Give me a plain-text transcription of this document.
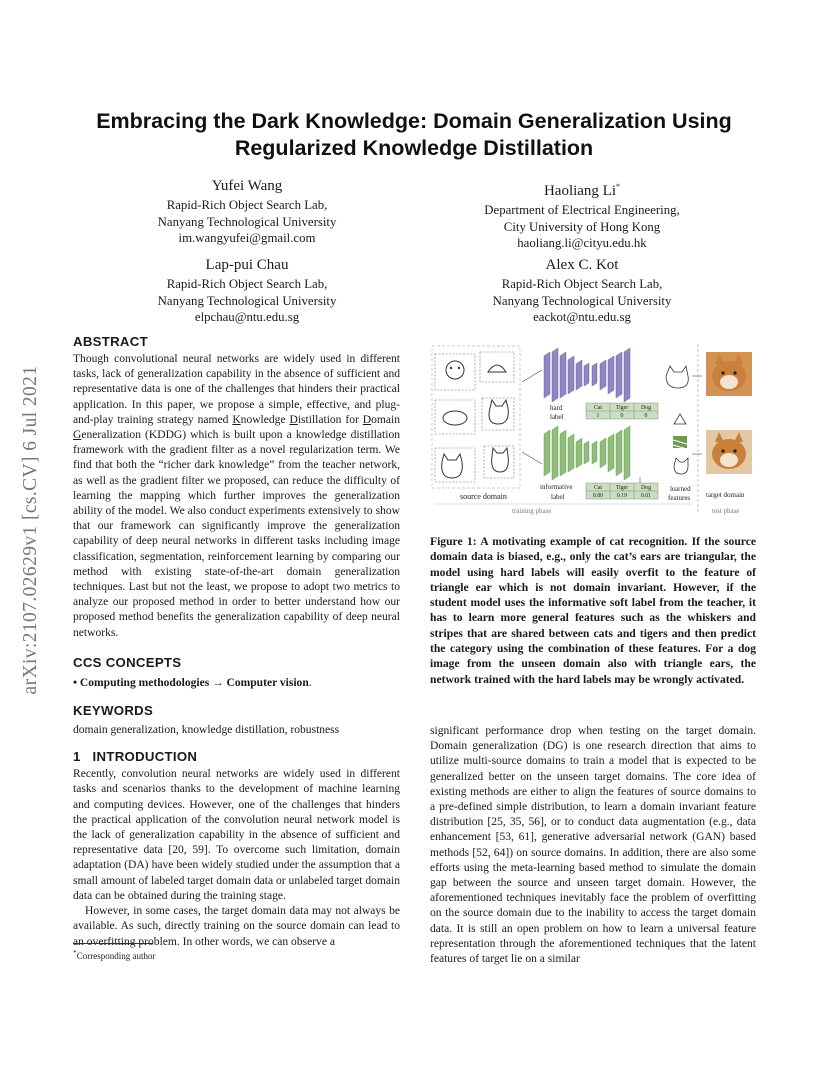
arXiv:2107.02629v1 [cs.CV] 6 Jul 2021
Embracing the Dark Knowledge: Domain Generalization Using
Regularized Knowledge Distillation
Yufei Wang
Rapid-Rich Object Search Lab,
Nanyang Technological University
im.wangyufei@gmail.com
Haoliang Li*
Department of Electrical Engineering,
City University of Hong Kong
haoliang.li@cityu.edu.hk
Lap-pui Chau
Rapid-Rich Object Search Lab,
Nanyang Technological University
elpchau@ntu.edu.sg
Alex C. Kot
Rapid-Rich Object Search Lab,
Nanyang Technological University
eackot@ntu.edu.sg
ABSTRACT
Though convolutional neural networks are widely used in different tasks, lack of generalization capability in the absence of sufficient and representative data is one of the challenges that hinders their practical application. In this paper, we propose a simple, effective, and plug-and-play training strategy named Knowledge Distillation for Domain Generalization (KDDG) which is built upon a knowledge distillation framework with the gradient filter as a novel regularization term. We find that both the “richer dark knowledge” from the teacher network, as well as the gradient filter we proposed, can reduce the difficulty of learning the mapping which further improves the generalization ability of the model. We also conduct experiments extensively to show that our framework can significantly improve the generalization capability of deep neural networks in different tasks including image classification, segmentation, reinforcement learning by comparing our method with existing state-of-the-art domain generalization techniques. Last but not the least, we propose to adopt two metrics to analyze our proposed method in order to better understand how our proposed method benefits the generalization capability of deep neural networks.
CCS CONCEPTS
• Computing methodologies → Computer vision.
KEYWORDS
domain generalization, knowledge distillation, robustness
1 INTRODUCTION
Recently, convolution neural networks are widely used in different tasks and scenarios thanks to the development of machine learning and computing devices. However, one of the challenges that hinders the practical application of the convolution neural network model is the lack of generalization capability in the absence of sufficient and representative data [20, 59]. To overcome such limitation, domain adaptation (DA) have been widely studied under the assumption that a small amount of labeled target domain data or unlabeled target domain data can be obtained during the training stage.
However, in some cases, the target domain data may not always be available. As such, directly training on the source domain can lead to an overfitting problem. In other words, we can observe a
*Corresponding author
source domain
hard
label
Cat Tiger Dog
1	0	0
informative
label
Cat Tiger Dog
0.80 0.19 0.01
learned
features target domain
training phase	test phase
Figure 1: A motivating example of cat recognition. If the source domain data is biased, e.g., only the cat’s ears are triangular, the model using hard labels will easily overfit to the feature of triangle ear which is not domain invariant. However, if the student model uses the informative soft label from the teacher, it has to learn more general features such as the whiskers and stripes that are shared between cats and tigers and then predict the category using the combination of these features. For a dog image from the unseen domain also with triangle ears, the network trained with the hard labels may be wrongly activated.
significant performance drop when testing on the target domain. Domain generalization (DG) is one research direction that aims to utilize multi-source domains to train a model that is expected to be generalized better on the unseen target domains. The core idea of existing methods are either to align the features of source domains to a pre-defined simple distribution, to learn a domain invariant feature distribution [25, 35, 56], or to conduct data augmentation (e.g., data enhancement [53, 61], generative adversarial network (GAN) based methods [52, 64]) on source domains. In addition, there are also some efforts using the meta-learning based method to simulate the domain gap between the source and unseen target domain. However, the aforementioned techniques inevitably face the problem of overfitting on the source domain due to the inability to access the target domain data. It is still an open problem on how to learn a universal feature representation through the aforementioned techniques that the latent features of target lie on a similar
